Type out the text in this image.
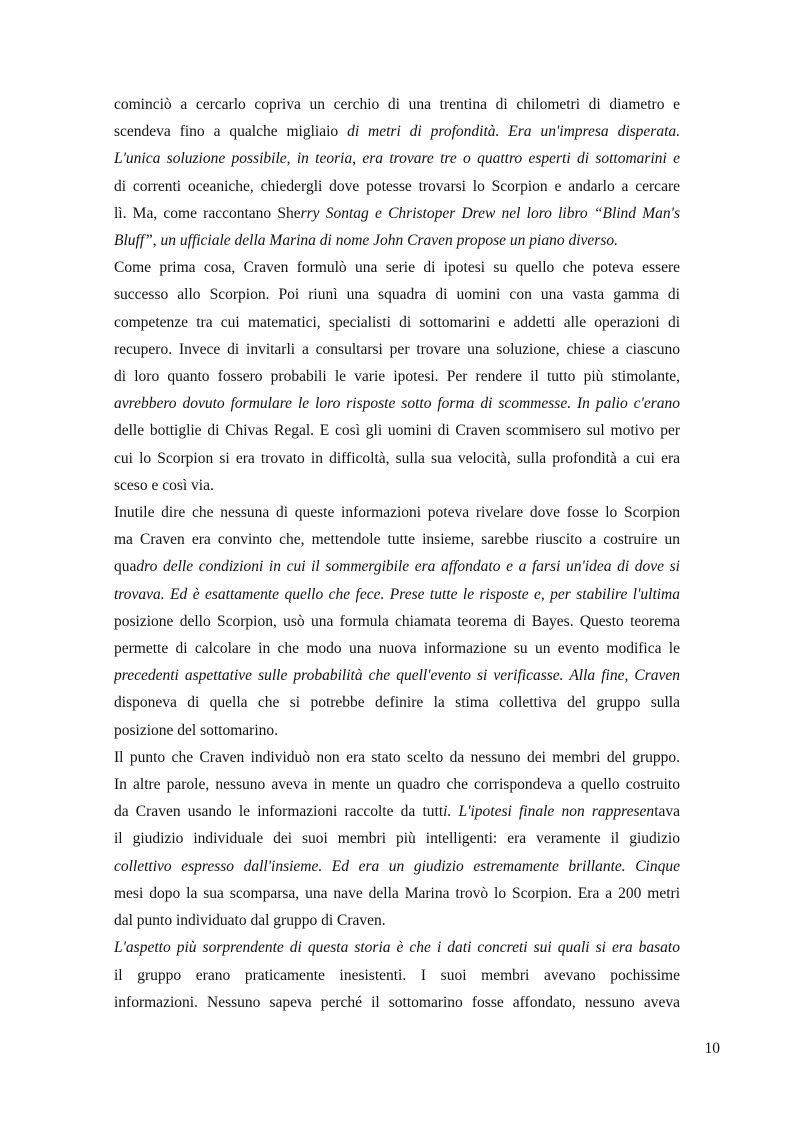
cominciò a cercarlo copriva un cerchio di una trentina di chilometri di diametro e
scendeva fino a qualche migliaio di metri di profondità. Era un'impresa disperata.
L'unica soluzione possibile, in teoria, era trovare tre o quattro esperti di sottomarini e
di correnti oceaniche, chiedergli dove potesse trovarsi lo Scorpion e andarlo a cercare
lì. Ma, come raccontano Sherry Sontag e Christoper Drew nel loro libro “Blind Man's
Bluff”, un ufficiale della Marina di nome John Craven propose un piano diverso.

Come prima cosa, Craven formulò una serie di ipotesi su quello che poteva essere
successo allo Scorpion. Poi riunì una squadra di uomini con una vasta gamma di
competenze tra cui matematici, specialisti di sottomarini e addetti alle operazioni di
recupero. Invece di invitarli a consultarsi per trovare una soluzione, chiese a ciascuno
di loro quanto fossero probabili le varie ipotesi. Per rendere il tutto più stimolante,
avrebbero dovuto formulare le loro risposte sotto forma di scommesse. In palio c'erano
delle bottiglie di Chivas Regal. E così gli uomini di Craven scommisero sul motivo per
cui lo Scorpion si era trovato in difficoltà, sulla sua velocità, sulla profondità a cui era
sceso e così via.

Inutile dire che nessuna di queste informazioni poteva rivelare dove fosse lo Scorpion
ma Craven era convinto che, mettendole tutte insieme, sarebbe riuscito a costruire un
quadro delle condizioni in cui il sommergibile era affondato e a farsi un'idea di dove si
trovava. Ed è esattamente quello che fece. Prese tutte le risposte e, per stabilire l'ultima
posizione dello Scorpion, usò una formula chiamata teorema di Bayes. Questo teorema
permette di calcolare in che modo una nuova informazione su un evento modifica le
precedenti aspettative sulle probabilità che quell'evento si verificasse. Alla fine, Craven
disponeva di quella che si potrebbe definire la stima collettiva del gruppo sulla
posizione del sottomarino.

Il punto che Craven individuò non era stato scelto da nessuno dei membri del gruppo.
In altre parole, nessuno aveva in mente un quadro che corrispondeva a quello costruito
da Craven usando le informazioni raccolte da tutti. L'ipotesi finale non rappresentava
il giudizio individuale dei suoi membri più intelligenti: era veramente il giudizio
collettivo espresso dall'insieme. Ed era un giudizio estremamente brillante. Cinque
mesi dopo la sua scomparsa, una nave della Marina trovò lo Scorpion. Era a 200 metri
dal punto individuato dal gruppo di Craven.

L'aspetto più sorprendente di questa storia è che i dati concreti sui quali si era basato
il gruppo erano praticamente inesistenti. I suoi membri avevano pochissime
informazioni. Nessuno sapeva perché il sottomarino fosse affondato, nessuno aveva

10
